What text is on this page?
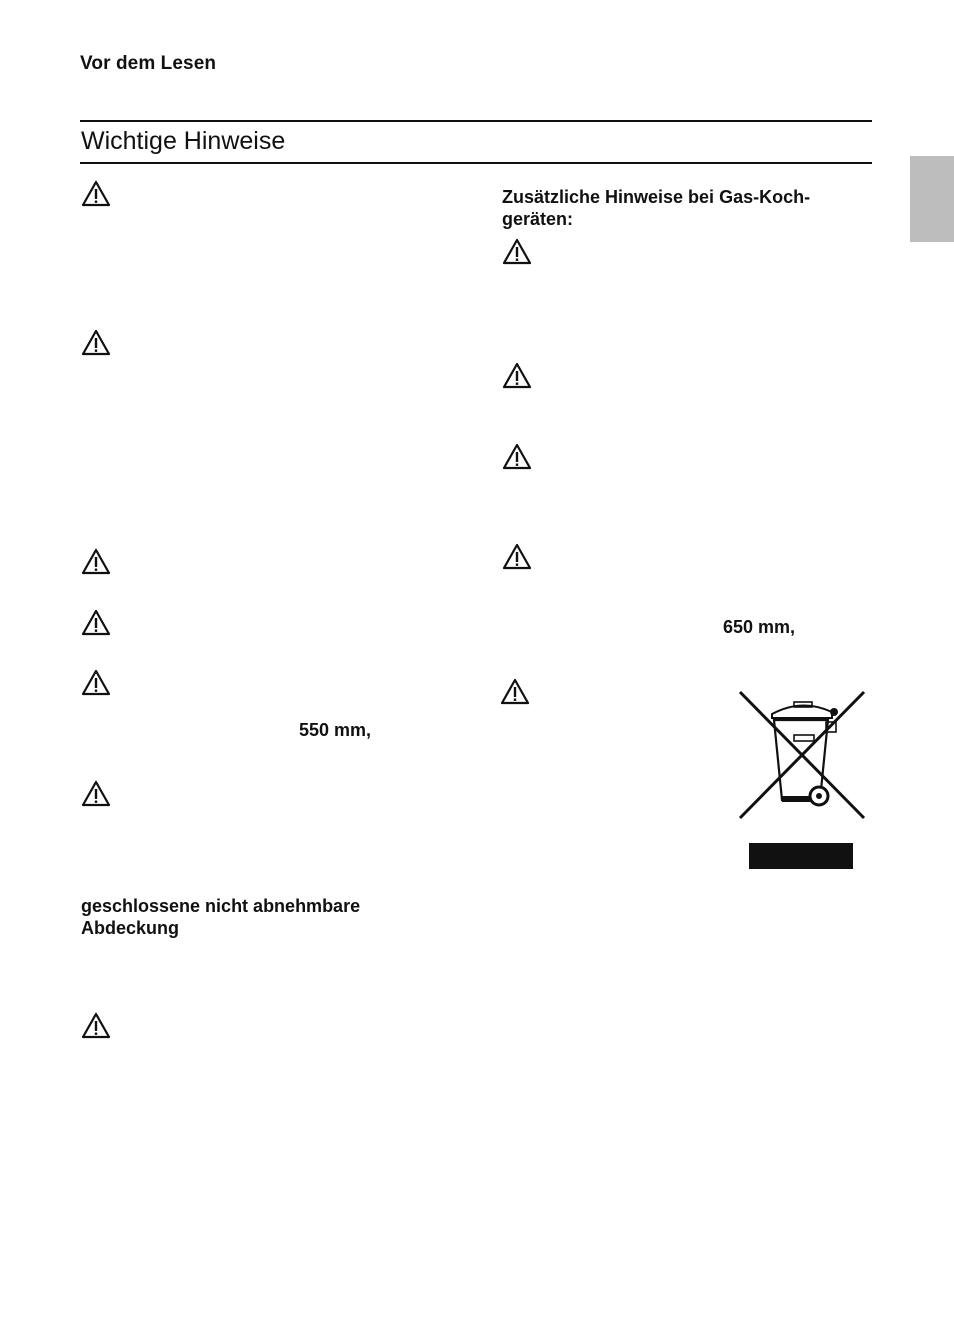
Vor dem Lesen
Wichtige Hinweise
550 mm,
geschlossene nicht abnehmbare
Abdeckung
Zusätzliche Hinweise bei Gas-Koch-
geräten:
650 mm,
